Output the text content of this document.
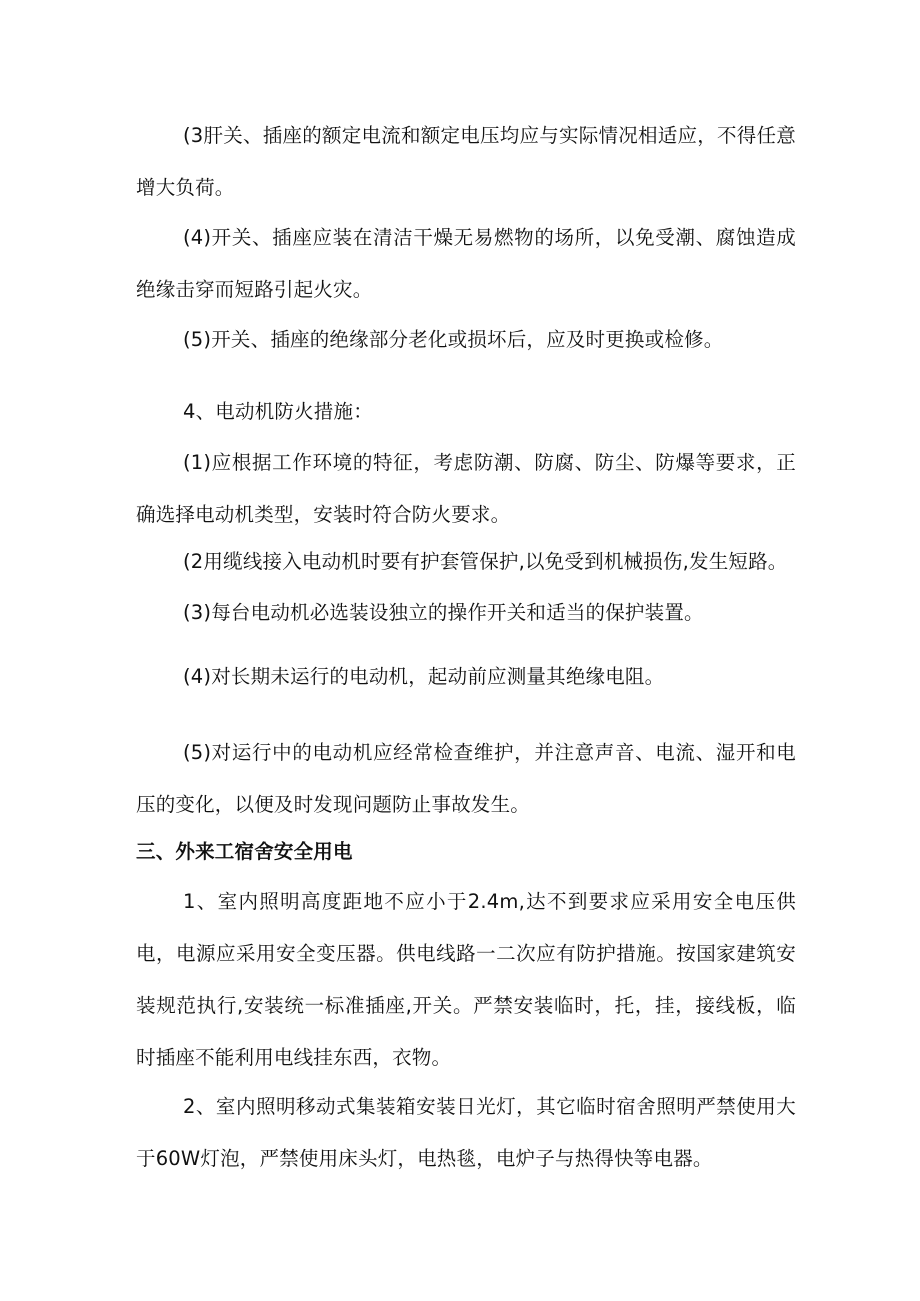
(3肝关、插座的额定电流和额定电压均应与实际情况相适应，不得任意增大负荷。

(4)开关、插座应装在清洁干燥无易燃物的场所，以免受潮、腐蚀造成绝缘击穿而短路引起火灾。

(5)开关、插座的绝缘部分老化或损坏后，应及时更换或检修。

4、电动机防火措施：

(1)应根据工作环境的特征，考虑防潮、防腐、防尘、防爆等要求，正确选择电动机类型，安装时符合防火要求。

(2用缆线接入电动机时要有护套管保护,以免受到机械损伤,发生短路。

(3)每台电动机必选装设独立的操作开关和适当的保护装置。

(4)对长期未运行的电动机，起动前应测量其绝缘电阻。

(5)对运行中的电动机应经常检查维护，并注意声音、电流、湿开和电压的变化，以便及时发现问题防止事故发生。

三、外来工宿舍安全用电

1、室内照明高度距地不应小于2.4m,达不到要求应采用安全电压供电，电源应采用安全变压器。供电线路一二次应有防护措施。按国家建筑安装规范执行,安装统一标准插座,开关。严禁安装临时，托，挂，接线板，临时插座不能利用电线挂东西，衣物。

2、室内照明移动式集装箱安装日光灯，其它临时宿舍照明严禁使用大于60W灯泡，严禁使用床头灯，电热毯，电炉子与热得快等电器。
